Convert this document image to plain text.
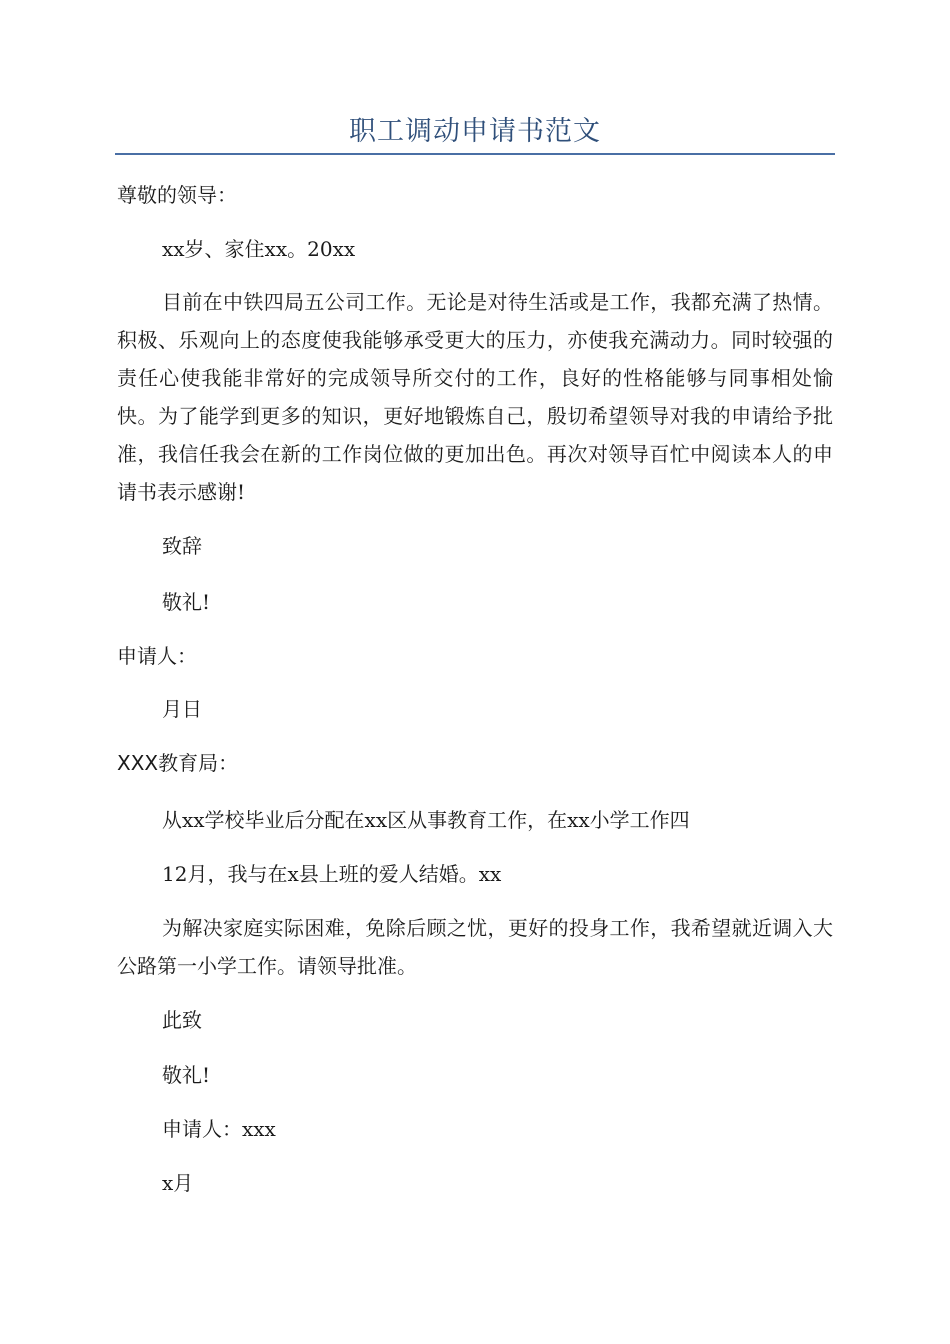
职工调动申请书范文

尊敬的领导：

xx岁、家住xx。20xx

目前在中铁四局五公司工作。无论是对待生活或是工作，我都充满了热情。积极、乐观向上的态度使我能够承受更大的压力，亦使我充满动力。同时较强的责任心使我能非常好的完成领导所交付的工作，良好的性格能够与同事相处愉快。为了能学到更多的知识，更好地锻炼自己，殷切希望领导对我的申请给予批准，我信任我会在新的工作岗位做的更加出色。再次对领导百忙中阅读本人的申请书表示感谢!

致辞

敬礼!

申请人：

月日

XXX教育局：

从xx学校毕业后分配在xx区从事教育工作，在xx小学工作四

12月，我与在x县上班的爱人结婚。xx

为解决家庭实际困难，免除后顾之忧，更好的投身工作，我希望就近调入大公路第一小学工作。请领导批准。

此致

敬礼!

申请人：xxx

x月
